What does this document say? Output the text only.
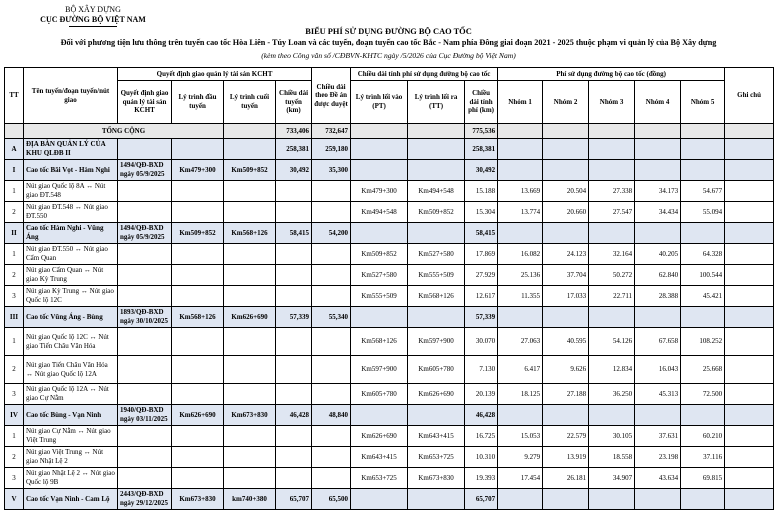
BỘ XÂY DỰNG
CỤC ĐƯỜNG BỘ VIỆT NAM
BIỂU PHÍ SỬ DỤNG ĐƯỜNG BỘ CAO TỐC
Đối với phương tiện lưu thông trên tuyến cao tốc Hòa Liên - Túy Loan và các tuyến, đoạn tuyến cao tốc Bắc - Nam phía Đông giai đoạn 2021 - 2025 thuộc phạm vi quản lý của Bộ Xây dựng
(kèm theo Công văn số /CĐBVN-KHTC ngày /5/2026 của Cục Đường bộ Việt Nam)
TT	Tên tuyến/đoạn tuyến/nút giao	Quyết định giao quản lý tài sản KCHT				Chiều dài theo Đề án được duyệt	Chiều dài tính phí sử dụng đường bộ cao tốc			Phí sử dụng đường bộ cao tốc (đồng)					Ghi chú
		Quyết định giao quản lý tài sản KCHT	Lý trình đầu tuyến	Lý trình cuối tuyến	Chiều dài tuyến (km)		Lý trình lối vào (PT)	Lý trình lối ra (TT)	Chiều dài tính phí (km)	Nhóm 1	Nhóm 2	Nhóm 3	Nhóm 4	Nhóm 5	
	TỔNG CỘNG				733,406	732,647			775,536						
A	ĐỊA BÀN QUẢN LÝ CỦA KHU QLĐB II				258,381	259,180			258,381						
I	Cao tốc Bãi Vọt - Hàm Nghi	1494/QĐ-BXD ngày 05/9/2025	Km479+300	Km509+852	30,492	35,300			30,492						
1	Nút giao Quốc lộ 8A ↔ Nút giao ĐT.548						Km479+300	Km494+548	15.188	13.669	20.504	27.338	34.173	54.677	
2	Nút giao ĐT.548 ↔ Nút giao ĐT.550						Km494+548	Km509+852	15.304	13.774	20.660	27.547	34.434	55.094	
II	Cao tốc Hàm Nghi - Vũng Áng	1494/QĐ-BXD ngày 05/9/2025	Km509+852	Km568+126	58,415	54,200			58,415						
1	Nút giao ĐT.550 ↔ Nút giao Cẩm Quan						Km509+852	Km527+580	17.869	16.082	24.123	32.164	40.205	64.328	
2	Nút giao Cẩm Quan ↔ Nút giao Kỳ Trung						Km527+580	Km555+509	27.929	25.136	37.704	50.272	62.840	100.544	
3	Nút giao Kỳ Trung ↔ Nút giao Quốc lộ 12C						Km555+509	Km568+126	12.617	11.355	17.033	22.711	28.388	45.421	
III	Cao tốc Vũng Áng - Bùng	1893/QĐ-BXD ngày 30/10/2025	Km568+126	Km626+690	57,339	55,340			57,339						
1	Nút giao Quốc lộ 12C ↔ Nút giao Tiến Châu Văn Hóa						Km568+126	Km597+900	30.070	27.063	40.595	54.126	67.658	108.252	
2	Nút giao Tiến Châu Văn Hóa ↔ Nút giao Quốc lộ 12A						Km597+900	Km605+780	7.130	6.417	9.626	12.834	16.043	25.668	
3	Nút giao Quốc lộ 12A ↔ Nút giao Cự Nẫm						Km605+780	Km626+690	20.139	18.125	27.188	36.250	45.313	72.500	
IV	Cao tốc Bùng - Vạn Ninh	1940/QĐ-BXD ngày 03/11/2025	Km626+690	Km673+830	46,428	48,840			46,428						
1	Nút giao Cự Nẫm ↔ Nút giao Việt Trung						Km626+690	Km643+415	16.725	15.053	22.579	30.105	37.631	60.210	
2	Nút giao Việt Trung ↔ Nút giao Nhật Lệ 2						Km643+415	Km653+725	10.310	9.279	13.919	18.558	23.198	37.116	
3	Nút giao Nhật Lệ 2 ↔ Nút giao Quốc lộ 9B						Km653+725	Km673+830	19.393	17.454	26.181	34.907	43.634	69.815	
V	Cao tốc Vạn Ninh - Cam Lộ	2443/QĐ-BXD ngày 29/12/2025	Km673+830	km740+380	65,707	65,500			65,707						
